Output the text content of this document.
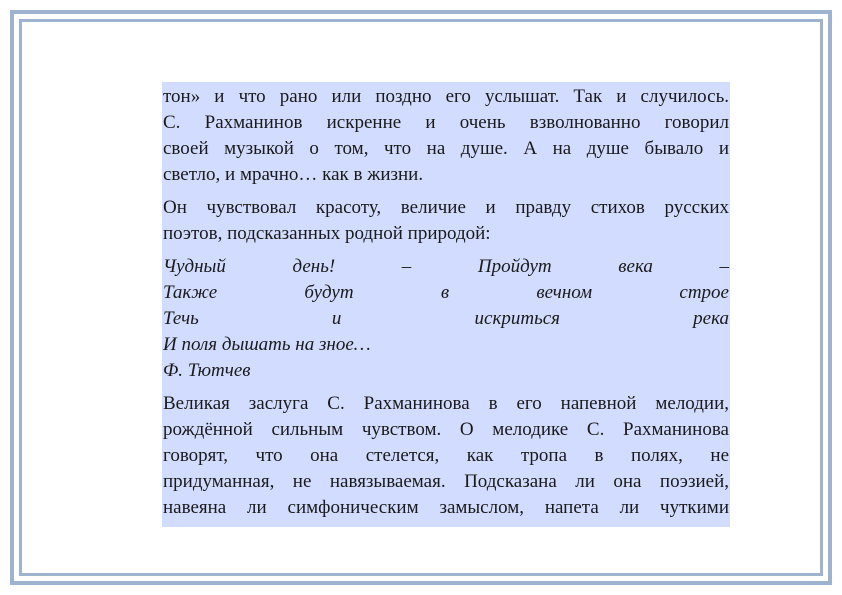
тон» и что рано или поздно его услышат. Так и случилось.
С. Рахманинов искренне и очень взволнованно говорил
своей музыкой о том, что на душе. А на душе бывало и
светло, и мрачно… как в жизни.

Он чувствовал красоту, величие и правду стихов русских
поэтов, подсказанных родной природой:

Чудный день! – Пройдут века –
Также будут в вечном строе
Течь и искриться река
И поля дышать на зное…
Ф. Тютчев

Великая заслуга С. Рахманинова в его напевной мелодии,
рождённой сильным чувством. О мелодике С. Рахманинова
говорят, что она стелется, как тропа в полях, не
придуманная, не навязываемая. Подсказана ли она поэзией,
навеяна ли симфоническим замыслом, напета ли чуткими
